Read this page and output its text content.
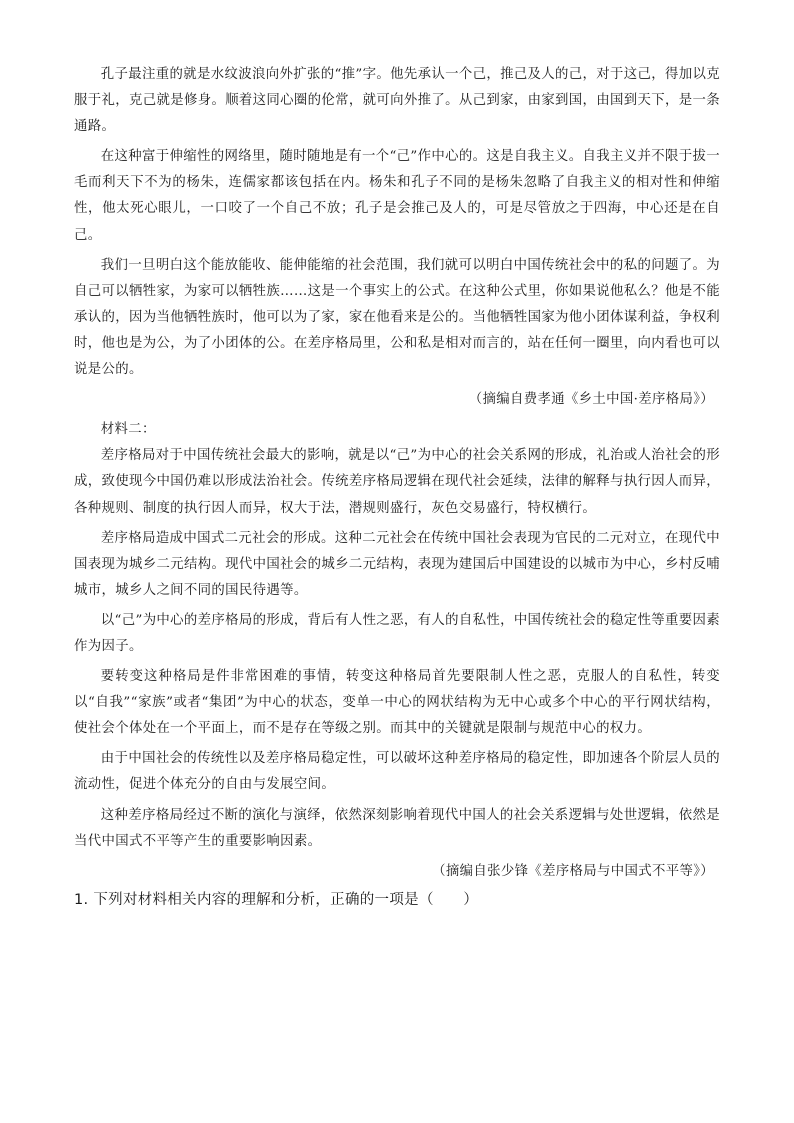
孔子最注重的就是水纹波浪向外扩张的“推”字。他先承认一个己，推己及人的己，对于这己，得加以克服于礼，克己就是修身。顺着这同心圈的伦常，就可向外推了。从己到家，由家到国，由国到天下，是一条通路。

在这种富于伸缩性的网络里，随时随地是有一个“己”作中心的。这是自我主义。自我主义并不限于拔一毛而利天下不为的杨朱，连儒家都该包括在内。杨朱和孔子不同的是杨朱忽略了自我主义的相对性和伸缩性，他太死心眼儿，一口咬了一个自己不放；孔子是会推己及人的，可是尽管放之于四海，中心还是在自己。

我们一旦明白这个能放能收、能伸能缩的社会范围，我们就可以明白中国传统社会中的私的问题了。为自己可以牺牲家，为家可以牺牲族……这是一个事实上的公式。在这种公式里，你如果说他私么？他是不能承认的，因为当他牺牲族时，他可以为了家，家在他看来是公的。当他牺牲国家为他小团体谋利益，争权利时，他也是为公，为了小团体的公。在差序格局里，公和私是相对而言的，站在任何一圈里，向内看也可以说是公的。

（摘编自费孝通《乡土中国·差序格局》）
材料二：

差序格局对于中国传统社会最大的影响，就是以“己”为中心的社会关系网的形成，礼治或人治社会的形成，致使现今中国仍难以形成法治社会。传统差序格局逻辑在现代社会延续，法律的解释与执行因人而异，各种规则、制度的执行因人而异，权大于法，潜规则盛行，灰色交易盛行，特权横行。

差序格局造成中国式二元社会的形成。这种二元社会在传统中国社会表现为官民的二元对立，在现代中国表现为城乡二元结构。现代中国社会的城乡二元结构，表现为建国后中国建设的以城市为中心，乡村反哺城市，城乡人之间不同的国民待遇等。

以“己”为中心的差序格局的形成，背后有人性之恶，有人的自私性，中国传统社会的稳定性等重要因素作为因子。

要转变这种格局是件非常困难的事情，转变这种格局首先要限制人性之恶，克服人的自私性，转变以“自我”“家族”或者“集团”为中心的状态，变单一中心的网状结构为无中心或多个中心的平行网状结构，使社会个体处在一个平面上，而不是存在等级之别。而其中的关键就是限制与规范中心的权力。

由于中国社会的传统性以及差序格局稳定性，可以破坏这种差序格局的稳定性，即加速各个阶层人员的流动性，促进个体充分的自由与发展空间。

这种差序格局经过不断的演化与演绎，依然深刻影响着现代中国人的社会关系逻辑与处世逻辑，依然是当代中国式不平等产生的重要影响因素。

（摘编自张少锋《差序格局与中国式不平等》）
1. 下列对材料相关内容的理解和分析，正确的一项是（　　）
